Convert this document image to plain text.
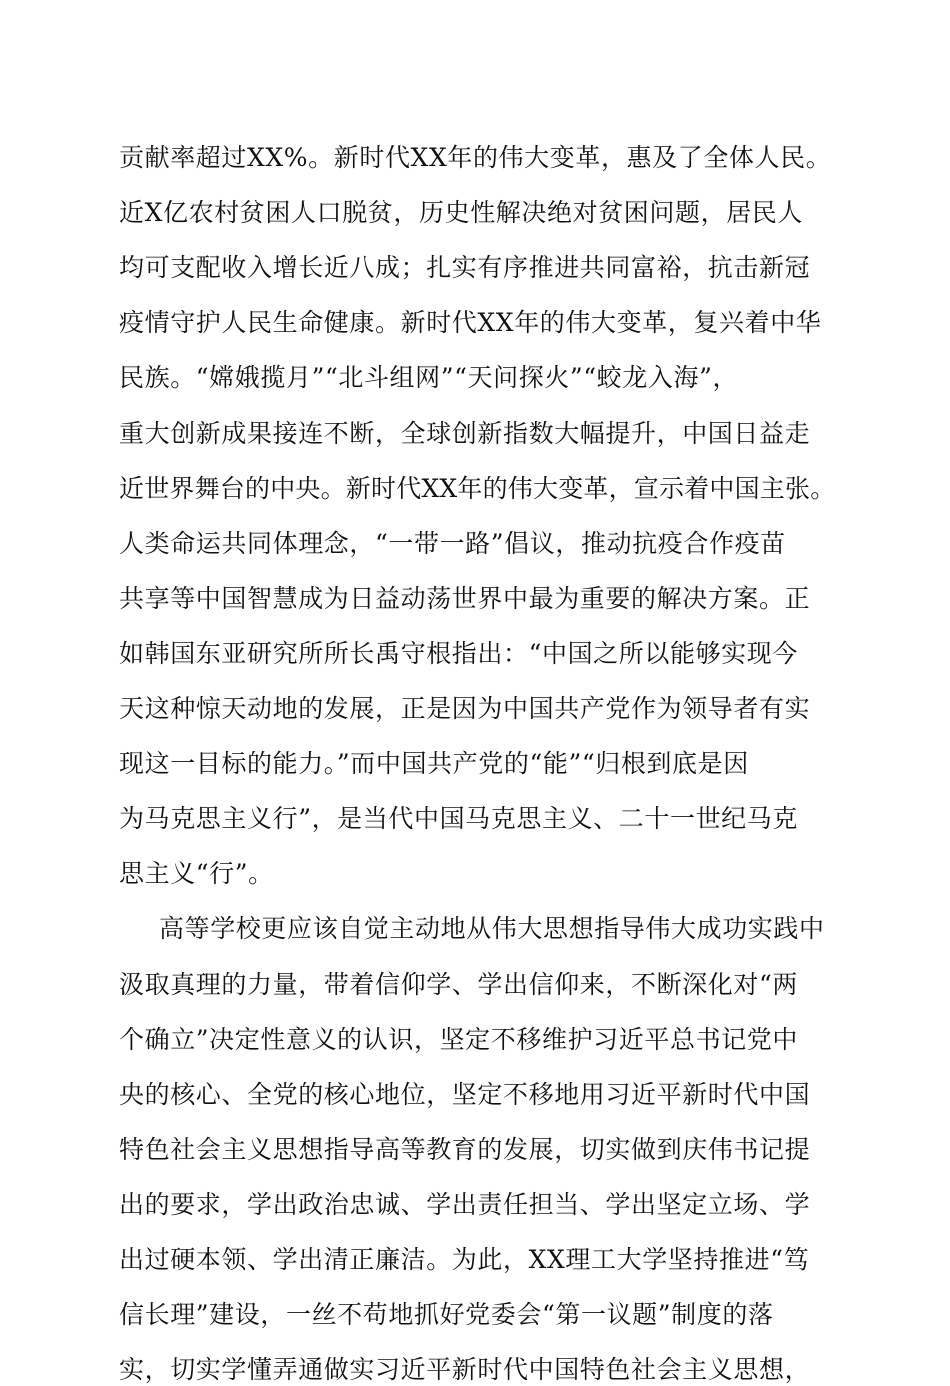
贡献率超过XX%。新时代XX年的伟大变革，惠及了全体人民。
近X亿农村贫困人口脱贫，历史性解决绝对贫困问题，居民人
均可支配收入增长近八成；扎实有序推进共同富裕，抗击新冠
疫情守护人民生命健康。新时代XX年的伟大变革，复兴着中华
民族。“嫦娥揽月”“北斗组网”“天问探火”“蛟龙入海”，
重大创新成果接连不断，全球创新指数大幅提升，中国日益走
近世界舞台的中央。新时代XX年的伟大变革，宣示着中国主张。
人类命运共同体理念，“一带一路”倡议，推动抗疫合作疫苗
共享等中国智慧成为日益动荡世界中最为重要的解决方案。正
如韩国东亚研究所所长禹守根指出：“中国之所以能够实现今
天这种惊天动地的发展，正是因为中国共产党作为领导者有实
现这一目标的能力。”而中国共产党的“能”“归根到底是因
为马克思主义行”，是当代中国马克思主义、二十一世纪马克
思主义“行”。
高等学校更应该自觉主动地从伟大思想指导伟大成功实践中
汲取真理的力量，带着信仰学、学出信仰来，不断深化对“两
个确立”决定性意义的认识，坚定不移维护习近平总书记党中
央的核心、全党的核心地位，坚定不移地用习近平新时代中国
特色社会主义思想指导高等教育的发展，切实做到庆伟书记提
出的要求，学出政治忠诚、学出责任担当、学出坚定立场、学
出过硬本领、学出清正廉洁。为此，XX理工大学坚持推进“笃
信长理”建设，一丝不苟地抓好党委会“第一议题”制度的落
实，切实学懂弄通做实习近平新时代中国特色社会主义思想，
